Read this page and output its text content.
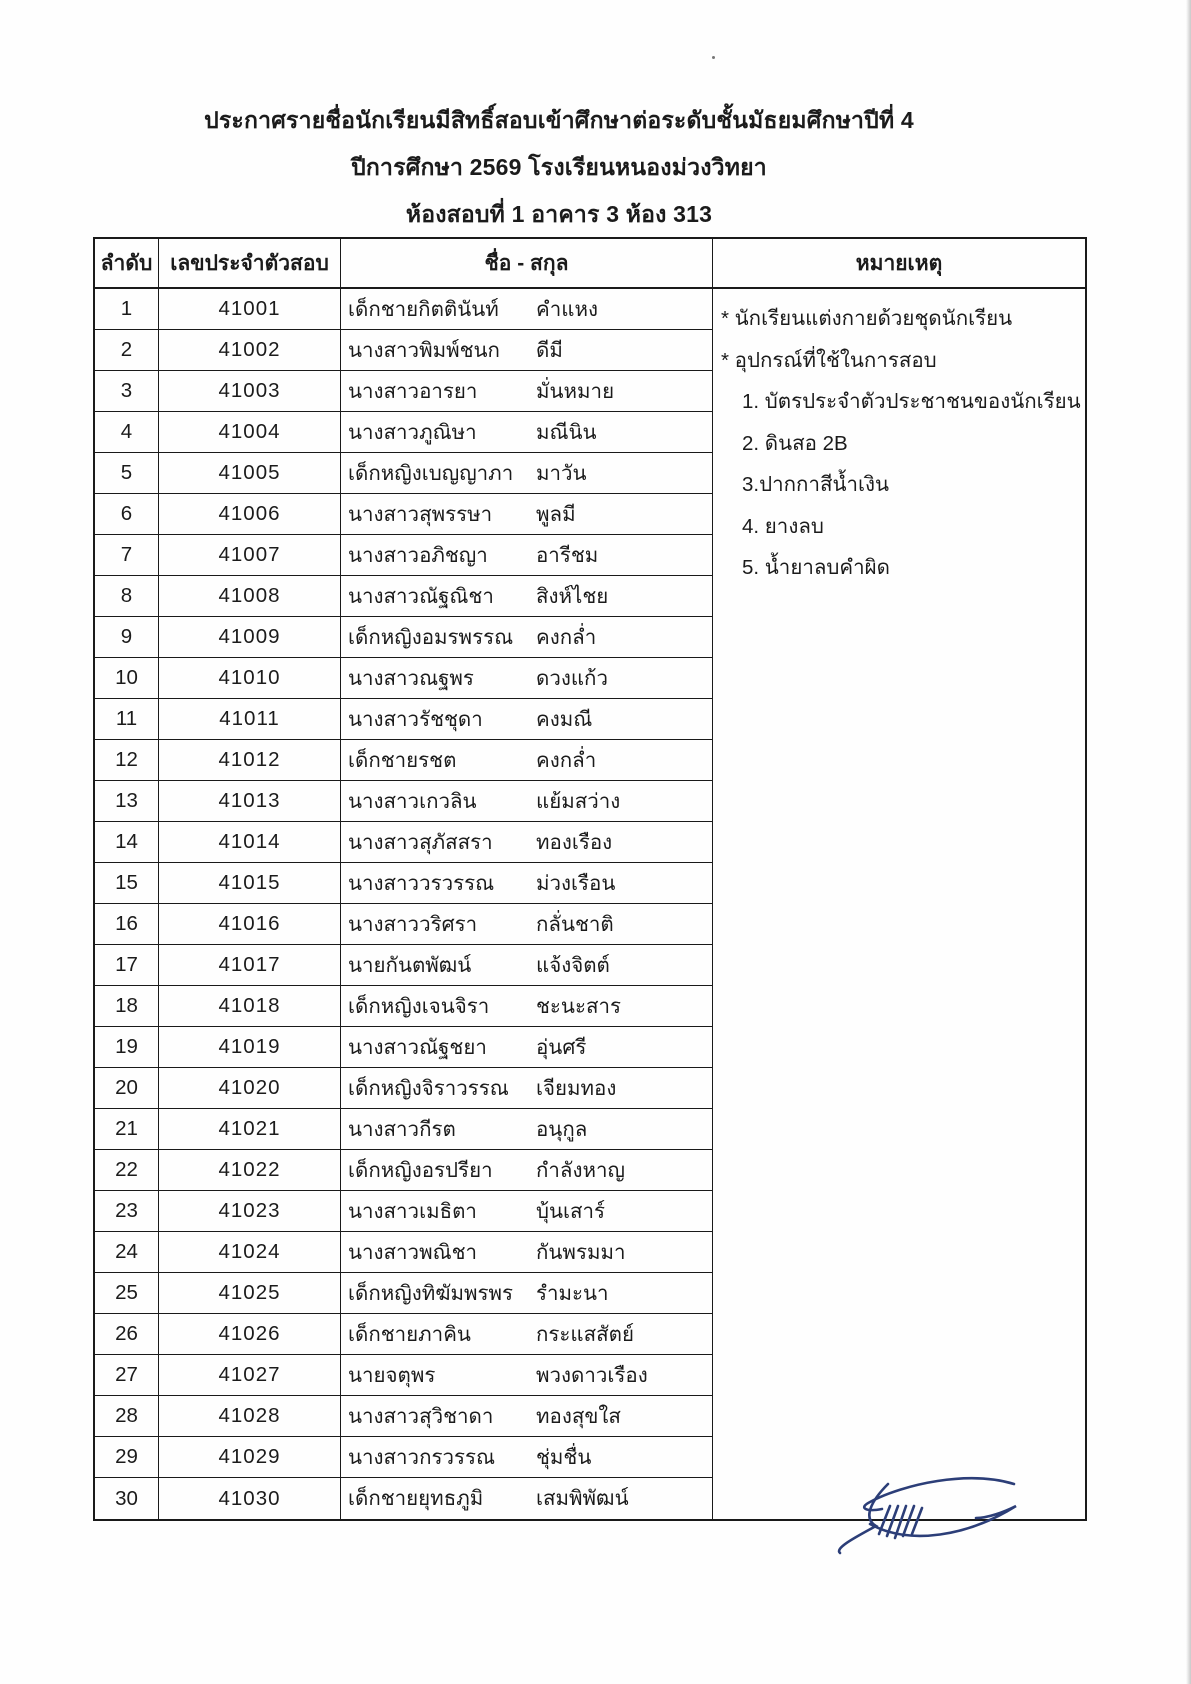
ประกาศรายชื่อนักเรียนมีสิทธิ์สอบเข้าศึกษาต่อระดับชั้นมัธยมศึกษาปีที่ 4
ปีการศึกษา 2569 โรงเรียนหนองม่วงวิทยา
ห้องสอบที่ 1 อาคาร 3 ห้อง 313
ลำดับ เลขประจำตัวสอบ	ชื่อ - สกุล	หมายเหตุ
1	41001	เด็กชายกิตตินันท์	คำแหง
2	41002	นางสาวพิมพ์ชนก	ดีมี
3	41003	นางสาวอารยา	มั่นหมาย
4	41004	นางสาวภูณิษา	มณีนิน
5	41005	เด็กหญิงเบญญาภา	มาวัน
6	41006	นางสาวสุพรรษา	พูลมี
7	41007	นางสาวอภิชญา	อารีชม
8	41008	นางสาวณัฐณิชา	สิงห์ไชย
9	41009	เด็กหญิงอมรพรรณ	คงกล่ำ
10	41010	นางสาวณฐพร	ดวงแก้ว
11	41011	นางสาวรัชชุดา	คงมณี
12	41012	เด็กชายรชต	คงกล่ำ
13	41013	นางสาวเกวลิน	แย้มสว่าง
14	41014	นางสาวสุภัสสรา	ทองเรือง
15	41015	นางสาววรวรรณ	ม่วงเรือน
16	41016	นางสาววริศรา	กลั่นชาติ
17	41017	นายกันตพัฒน์	แจ้งจิตต์
18	41018	เด็กหญิงเจนจิรา	ชะนะสาร
19	41019	นางสาวณัฐชยา	อุ่นศรี
20	41020	เด็กหญิงจิราวรรณ	เจียมทอง
21	41021	นางสาวกีรต	อนุกูล
22	41022	เด็กหญิงอรปรียา	กำลังหาญ
23	41023	นางสาวเมธิตา	บุ้นเสาร์
24	41024	นางสาวพณิชา	กันพรมมา
25	41025	เด็กหญิงทิฆัมพรพร	รำมะนา
26	41026	เด็กชายภาคิน	กระแสสัตย์
27	41027	นายจตุพร	พวงดาวเรือง
28	41028	นางสาวสุวิชาดา	ทองสุขใส
29	41029	นางสาวกรวรรณ	ชุ่มชื่น
30	41030	เด็กชายยุทธภูมิ	เสมพิพัฒน์
* นักเรียนแต่งกายด้วยชุดนักเรียน
* อุปกรณ์ที่ใช้ในการสอบ
1. บัตรประจำตัวประชาชนของนักเรียน
2. ดินสอ 2B
3.ปากกาสีน้ำเงิน
4. ยางลบ
5. น้ำยาลบคำผิด
